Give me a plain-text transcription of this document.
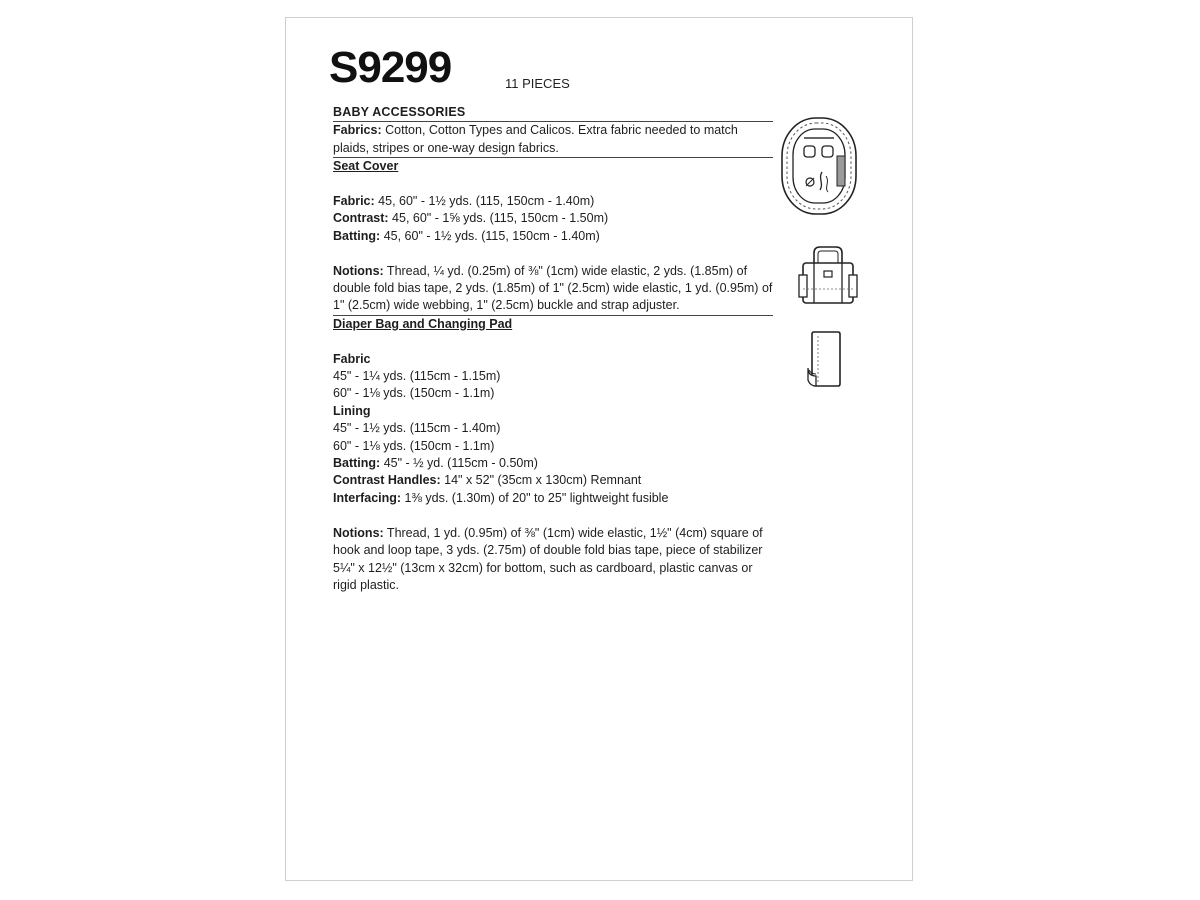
S9299	11 PIECES

BABY ACCESSORIES

Fabrics: Cotton, Cotton Types and Calicos. Extra fabric needed to match plaids, stripes or one-way design fabrics.

Seat Cover

Fabric: 45, 60" - 1½ yds. (115, 150cm - 1.40m)

Contrast: 45, 60" - 1⅝ yds. (115, 150cm - 1.50m)

Batting: 45, 60" - 1½ yds. (115, 150cm - 1.40m)

Notions: Thread, ¼ yd. (0.25m) of ⅜" (1cm) wide elastic, 2 yds. (1.85m) of double fold bias tape, 2 yds. (1.85m) of 1" (2.5cm) wide elastic, 1 yd. (0.95m) of 1" (2.5cm) wide webbing, 1" (2.5cm) buckle and strap adjuster.

Diaper Bag and Changing Pad

Fabric

45" - 1¼ yds. (115cm - 1.15m)

60" - 1⅛ yds. (150cm - 1.1m)

Lining

45" - 1½ yds. (115cm - 1.40m)

60" - 1⅛ yds. (150cm - 1.1m)

Batting: 45" - ½ yd. (115cm - 0.50m)

Contrast Handles: 14" x 52" (35cm x 130cm) Remnant

Interfacing: 1⅜ yds. (1.30m) of 20" to 25" lightweight fusible

Notions: Thread, 1 yd. (0.95m) of ⅜" (1cm) wide elastic, 1½" (4cm) square of hook and loop tape, 3 yds. (2.75m) of double fold bias tape, piece of stabilizer 5¼" x 12½" (13cm x 32cm) for bottom, such as cardboard, plastic canvas or rigid plastic.
